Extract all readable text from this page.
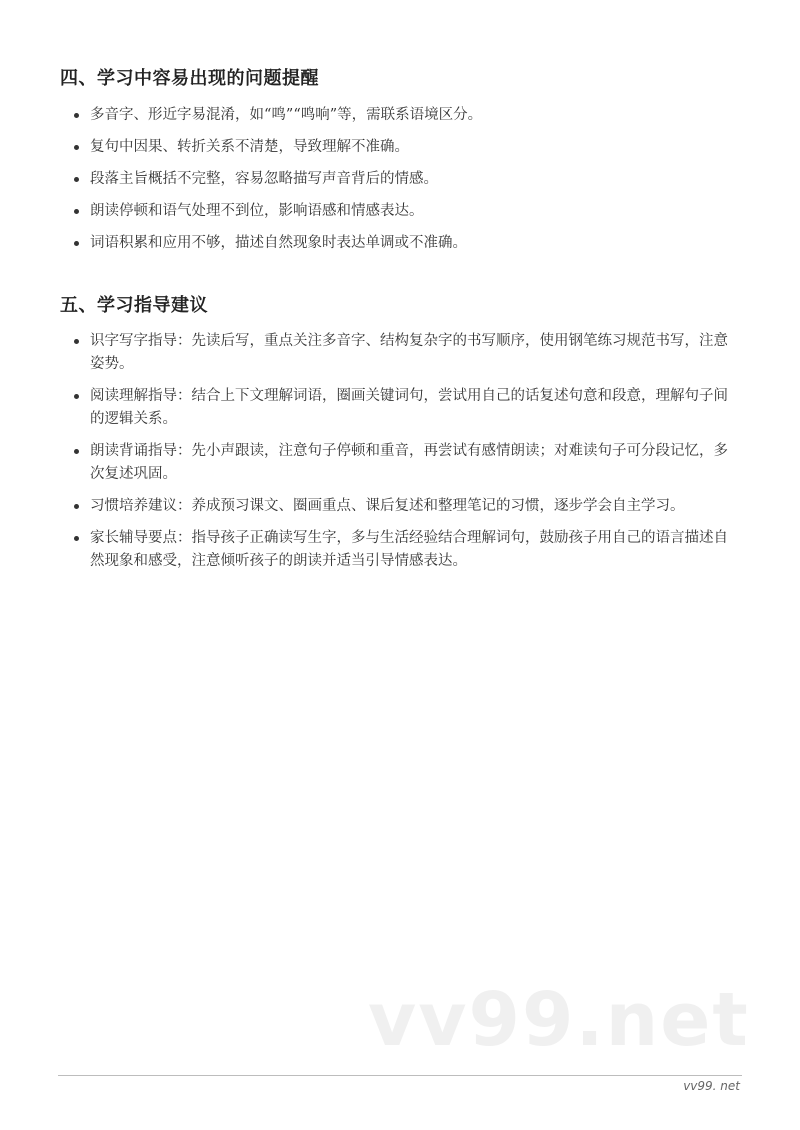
四、学习中容易出现的问题提醒
多音字、形近字易混淆，如“鸣”“鸣响”等，需联系语境区分。
复句中因果、转折关系不清楚，导致理解不准确。
段落主旨概括不完整，容易忽略描写声音背后的情感。
朗读停顿和语气处理不到位，影响语感和情感表达。
词语积累和应用不够，描述自然现象时表达单调或不准确。
五、学习指导建议
识字写字指导：先读后写，重点关注多音字、结构复杂字的书写顺序，使用钢笔练习规范书写，注意姿势。
阅读理解指导：结合上下文理解词语，圈画关键词句，尝试用自己的话复述句意和段意，理解句子间的逻辑关系。
朗读背诵指导：先小声跟读，注意句子停顿和重音，再尝试有感情朗读；对难读句子可分段记忆，多次复述巩固。
习惯培养建议：养成预习课文、圈画重点、课后复述和整理笔记的习惯，逐步学会自主学习。
家长辅导要点：指导孩子正确读写生字，多与生活经验结合理解词句，鼓励孩子用自己的语言描述自然现象和感受，注意倾听孩子的朗读并适当引导情感表达。
vv99.net
vv99. net
